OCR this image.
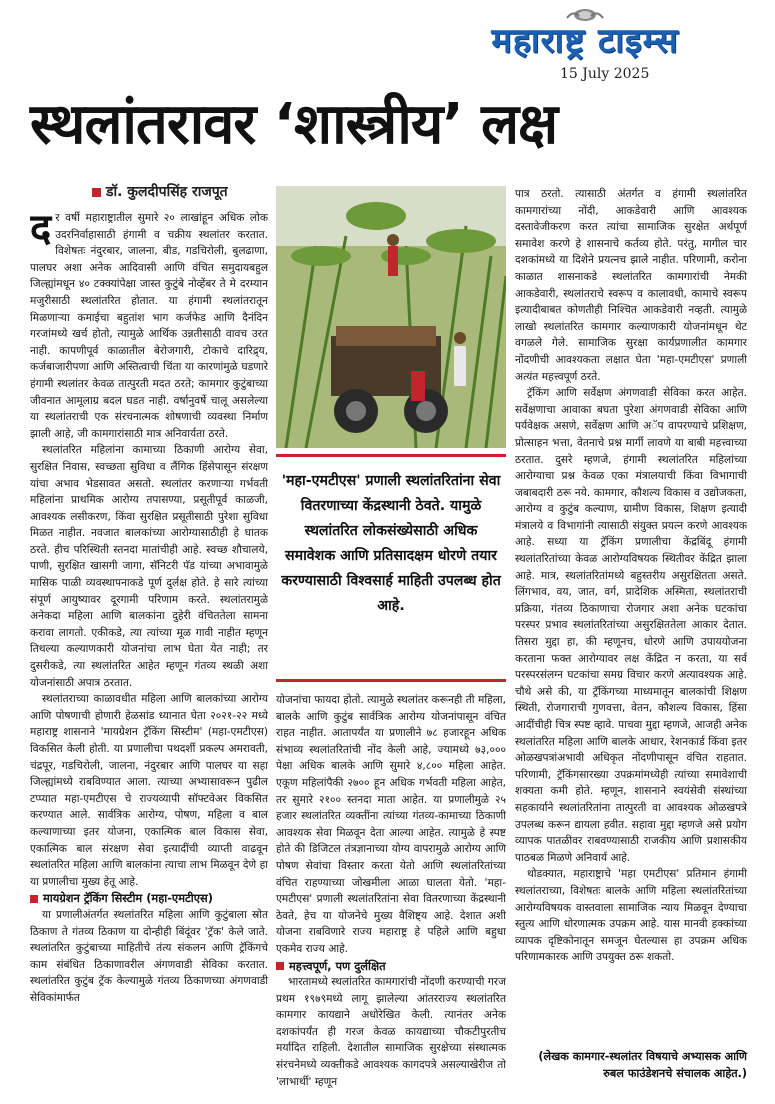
महाराष्ट्र टाइम्स
15 July 2025
स्थलांतरावर ‘शास्त्रीय’ लक्ष
डॉ. कुलदीपसिंह राजपूत

दर वर्षी महाराष्ट्रातील सुमारे २० लाखांहून अधिक लोक उदरनिर्वाहासाठी हंगामी व चक्रीय स्थलांतर करतात. विशेषतः नंदुरबार, जालना, बीड, गडचिरोली, बुलढाणा, पालघर अशा अनेक आदिवासी आणि वंचित समुदायबहुल जिल्ह्यांमधून ४० टक्क्यांपेक्षा जास्त कुटुंबे नोव्हेंबर ते मे दरम्यान मजुरीसाठी स्थलांतरित होतात. या हंगामी स्थलांतरातून मिळणाऱ्या कमाईचा बहुतांश भाग कर्जफेड आणि दैनंदिन गरजांमध्ये खर्च होतो, त्यामुळे आर्थिक उन्नतीसाठी वावच उरत नाही. कापणीपूर्व काळातील बेरोजगारी, टोकाचे दारिद्र्य, कर्जबाजारीपणा आणि अस्तित्वाची चिंता या कारणांमुळे घडणारे हंगामी स्थलांतर केवळ तात्पुरती मदत ठरते; कामगार कुटुंबाच्या जीवनात आमूलाग्र बदल घडत नाही. वर्षानुवर्षे चालू असलेल्या या स्थलांतराची एक संरचनात्मक शोषणाची व्यवस्था निर्माण झाली आहे, जी कामगारांसाठी मात्र अनिवार्यता ठरते.

स्थलांतरित महिलांना कामाच्या ठिकाणी आरोग्य सेवा, सुरक्षित निवास, स्वच्छता सुविधा व लैंगिक हिंसेपासून संरक्षण यांचा अभाव भेडसावत असतो. स्थलांतर करणाऱ्या गर्भवती महिलांना प्राथमिक आरोग्य तपासण्या, प्रसूतीपूर्व काळजी, आवश्यक लसीकरण, किंवा सुरक्षित प्रसूतीसाठी पुरेशा सुविधा मिळत नाहीत. नवजात बालकांच्या आरोग्यासाठीही हे घातक ठरते. हीच परिस्थिती स्तनदा मातांचीही आहे. स्वच्छ शौचालये, पाणी, सुरक्षित खासगी जागा, सॅनिटरी पॅड यांच्या अभावामुळे मासिक पाळी व्यवस्थापनाकडे पूर्ण दुर्लक्ष होते. हे सारे त्यांच्या संपूर्ण आयुष्यावर दूरगामी परिणाम करते. स्थलांतरामुळे अनेकदा महिला आणि बालकांना दुहेरी वंचिततेला सामना करावा लागतो. एकीकडे, त्या त्यांच्या मूळ गावी नाहीत म्हणून तिथल्या कल्याणकारी योजनांचा लाभ घेता येत नाही; तर दुसरीकडे, त्या स्थलांतरित आहेत म्हणून गंतव्य स्थळी अशा योजनांसाठी अपात्र ठरतात.

स्थलांतराच्या काळावधीत महिला आणि बालकांच्या आरोग्य आणि पोषणाची होणारी हेळसांड ध्यानात घेता २०२१-२२ मध्ये महाराष्ट्र शासनाने 'मायग्रेशन ट्रॅकिंग सिस्टीम' (महा-एमटीएस) विकसित केली होती. या प्रणालीचा पथदर्शी प्रकल्प अमरावती, चंद्रपूर, गडचिरोली, जालना, नंदुरबार आणि पालघर या सहा जिल्ह्यांमध्ये राबविण्यात आला. त्याच्या अभ्यासावरून पुढील टप्प्यात महा-एमटीएस चे राज्यव्यापी सॉफ्टवेअर विकसित करण्यात आले. सार्वत्रिक आरोग्य, पोषण, महिला व बाल कल्याणाच्या इतर योजना, एकात्मिक बाल विकास सेवा, एकात्मिक बाल संरक्षण सेवा इत्यादींची व्याप्ती वाढवून स्थलांतरित महिला आणि बालकांना त्याचा लाभ मिळवून देणे हा या प्रणालीचा मुख्य हेतू आहे.

मायग्रेशन ट्रॅकिंग सिस्टीम (महा-एमटीएस)

या प्रणालीअंतर्गत स्थलांतरित महिला आणि कुटुंबाला स्रोत ठिकाण ते गंतव्य ठिकाण या दोन्हीही बिंदूंवर 'ट्रॅक' केले जाते. स्थलांतरित कुटुंबाच्या माहितीचे तंत्य संकलन आणि ट्रॅकिंगचे काम संबंधित ठिकाणावरील अंगणवाडी सेविका करतात. स्थलांतरित कुटुंब ट्रॅक केल्यामुळे गंतव्य ठिकाणच्या अंगणवाडी सेविकांमार्फत

'महा-एमटीएस' प्रणाली स्थलांतरितांना सेवा वितरणाच्या केंद्रस्थानी ठेवते. यामुळे स्थलांतरित लोकसंख्येसाठी अधिक समावेशक आणि प्रतिसादक्षम धोरणे तयार करण्यासाठी विश्वसार्ह माहिती उपलब्ध होत आहे.

योजनांचा फायदा होतो. त्यामुळे स्थलांतर करूनही ती महिला, बालके आणि कुटुंब सार्वत्रिक आरोग्य योजनांपासून वंचित राहत नाहीत. आतापर्यंत या प्रणालीने ७८ हजारहून अधिक संभाव्य स्थलांतरितांची नोंद केली आहे, ज्यामध्ये ७३,००० पेक्षा अधिक बालके आणि सुमारे ४,८०० महिला आहेत. एकूण महिलांपैकी २७०० हून अधिक गर्भवती महिला आहेत, तर सुमारे २१०० स्तनदा माता आहेत. या प्रणालीमुळे २५ हजार स्थलांतरित व्यक्तींना त्यांच्या गंतव्य-कामाच्या ठिकाणी आवश्यक सेवा मिळवून देता आल्या आहेत. त्यामुळे हे स्पष्ट होते की डिजिटल तंत्रज्ञानाच्या योग्य वापरामुळे आरोग्य आणि पोषण सेवांचा विस्तार करता येतो आणि स्थलांतरितांच्या वंचित राहण्याच्या जोखमीला आळा घालता येतो. 'महा-एमटीएस' प्रणाली स्थलांतरितांना सेवा वितरणाच्या केंद्रस्थानी ठेवते, हेच या योजनेचे मुख्य वैशिष्ट्य आहे. देशात अशी योजना राबविणारे राज्य महाराष्ट्र हे पहिले आणि बहुधा एकमेव राज्य आहे.

महत्त्वपूर्ण, पण दुर्लक्षित

भारतामध्ये स्थलांतरित कामगारांची नोंदणी करण्याची गरज प्रथम १९७९मध्ये लागू झालेल्या आंतरराज्य स्थलांतरित कामगार कायद्याने अधोरेखित केली. त्यानंतर अनेक दशकांपर्यंत ही गरज केवळ कायद्याच्या चौकटीपुरतीच मर्यादित राहिली. देशातील सामाजिक सुरक्षेच्या संस्थात्मक संरचनेमध्ये व्यक्तीकडे आवश्यक कागदपत्रे असल्याखेरीज तो 'लाभार्थी' म्हणून

पात्र ठरतो. त्यासाठी अंतर्गत व हंगामी स्थलांतरित कामगारांच्या नोंदी, आकडेवारी आणि आवश्यक दस्तावेजीकरण करत त्यांचा सामाजिक सुरक्षेत अर्थपूर्ण समावेश करणे हे शासनाचे कर्तव्य होते. परंतु, मागील चार दशकांमध्ये या दिशेने प्रयत्नच झाले नाहीत. परिणामी, करोना काळात शासनाकडे स्थलांतरित कामगारांची नेमकी आकडेवारी, स्थलांतराचे स्वरूप व कालावधी, कामाचे स्वरूप इत्यादीबाबत कोणतीही निश्चित आकडेवारी नव्हती. त्यामुळे लाखो स्थलांतरित कामगार कल्याणकारी योजनांमधून थेट वगळले गेले. सामाजिक सुरक्षा कार्यप्रणालीत कामगार नोंदणीची आवश्यकता लक्षात घेता 'महा-एमटीएस' प्रणाली अत्यंत महत्त्वपूर्ण ठरते.

ट्रॅकिंग आणि सर्वेक्षण अंगणवाडी सेविका करत आहेत. सर्वेक्षणाचा आवाका बघता पुरेशा अंगणवाडी सेविका आणि पर्यवेक्षक असणे, सर्वेक्षण आणि अॅप वापरण्याचे प्रशिक्षण, प्रोत्साहन भत्ता, वेतनाचे प्रश्न मार्गी लावणे या बाबी महत्त्वाच्या ठरतात. दुसरे म्हणजे, हंगामी स्थलांतरित महिलांच्या आरोग्याचा प्रश्न केवळ एका मंत्रालयाची किंवा विभागाची जबाबदारी ठरू नये. कामगार, कौशल्य विकास व उद्योजकता, आरोग्य व कुटुंब कल्याण, ग्रामीण विकास, शिक्षण इत्यादी मंत्रालये व विभागांनी त्यासाठी संयुक्त प्रयत्न करणे आवश्यक आहे. सध्या या ट्रॅकिंग प्रणालीचा केंद्रबिंदू हंगामी स्थलांतरितांच्या केवळ आरोग्यविषयक स्थितीवर केंद्रित झाला आहे. मात्र, स्थलांतरितांमध्ये बहुस्तरीय असुरक्षितता असते. लिंगभाव, वय, जात, वर्ग, प्रादेशिक अस्मिता, स्थलांतराची प्रक्रिया, गंतव्य ठिकाणाचा रोजगार अशा अनेक घटकांचा परस्पर प्रभाव स्थलांतरितांच्या असुरक्षिततेला आकार देतात. तिसरा मुद्दा हा, की म्हणूनच, धोरणे आणि उपाययोजना करताना फक्त आरोग्यावर लक्ष केंद्रित न करता, या सर्व परस्परसंलग्न घटकांचा समग्र विचार करणे अत्यावश्यक आहे. चौथे असे की, या ट्रॅकिंगच्या माध्यमातून बालकांची शिक्षण स्थिती, रोजगाराची गुणवत्ता, वेतन, कौशल्य विकास, हिंसा आदींचीही चित्र स्पष्ट व्हावे. पाचवा मुद्दा म्हणजे, आजही अनेक स्थलांतरित महिला आणि बालके आधार, रेशनकार्ड किंवा इतर ओळखपत्रांअभावी अधिकृत नोंदणीपासून वंचित राहतात. परिणामी, ट्रॅकिंगसारख्या उपक्रमांमध्येही त्यांच्या समावेशाची शक्यता कमी होते. म्हणून, शासनाने स्वयंसेवी संस्थांच्या सहकार्याने स्थलांतरितांना तात्पुरती वा आवश्यक ओळखपत्रे उपलब्ध करून द्यायला हवीत. सहावा मुद्दा म्हणजे असे प्रयोग व्यापक पातळीवर राबवण्यासाठी राजकीय आणि प्रशासकीय पाठबळ मिळणे अनिवार्य आहे.

थोडक्यात, महाराष्ट्राचे 'महा एमटीएस' प्रतिमान हंगामी स्थलांतराच्या, विशेषतः बालके आणि महिला स्थलांतरितांच्या आरोग्यविषयक वास्तवाला सामाजिक न्याय मिळवून देण्याचा स्तुत्य आणि धोरणात्मक उपक्रम आहे. यास मानवी हक्कांच्या व्यापक दृष्टिकोनातून समजून घेतल्यास हा उपक्रम अधिक परिणामकारक आणि उपयुक्त ठरू शकतो.

(लेखक कामगार-स्थलांतर विषयाचे अभ्यासक आणि रुबल फाउंडेशनचे संचालक आहेत.)
